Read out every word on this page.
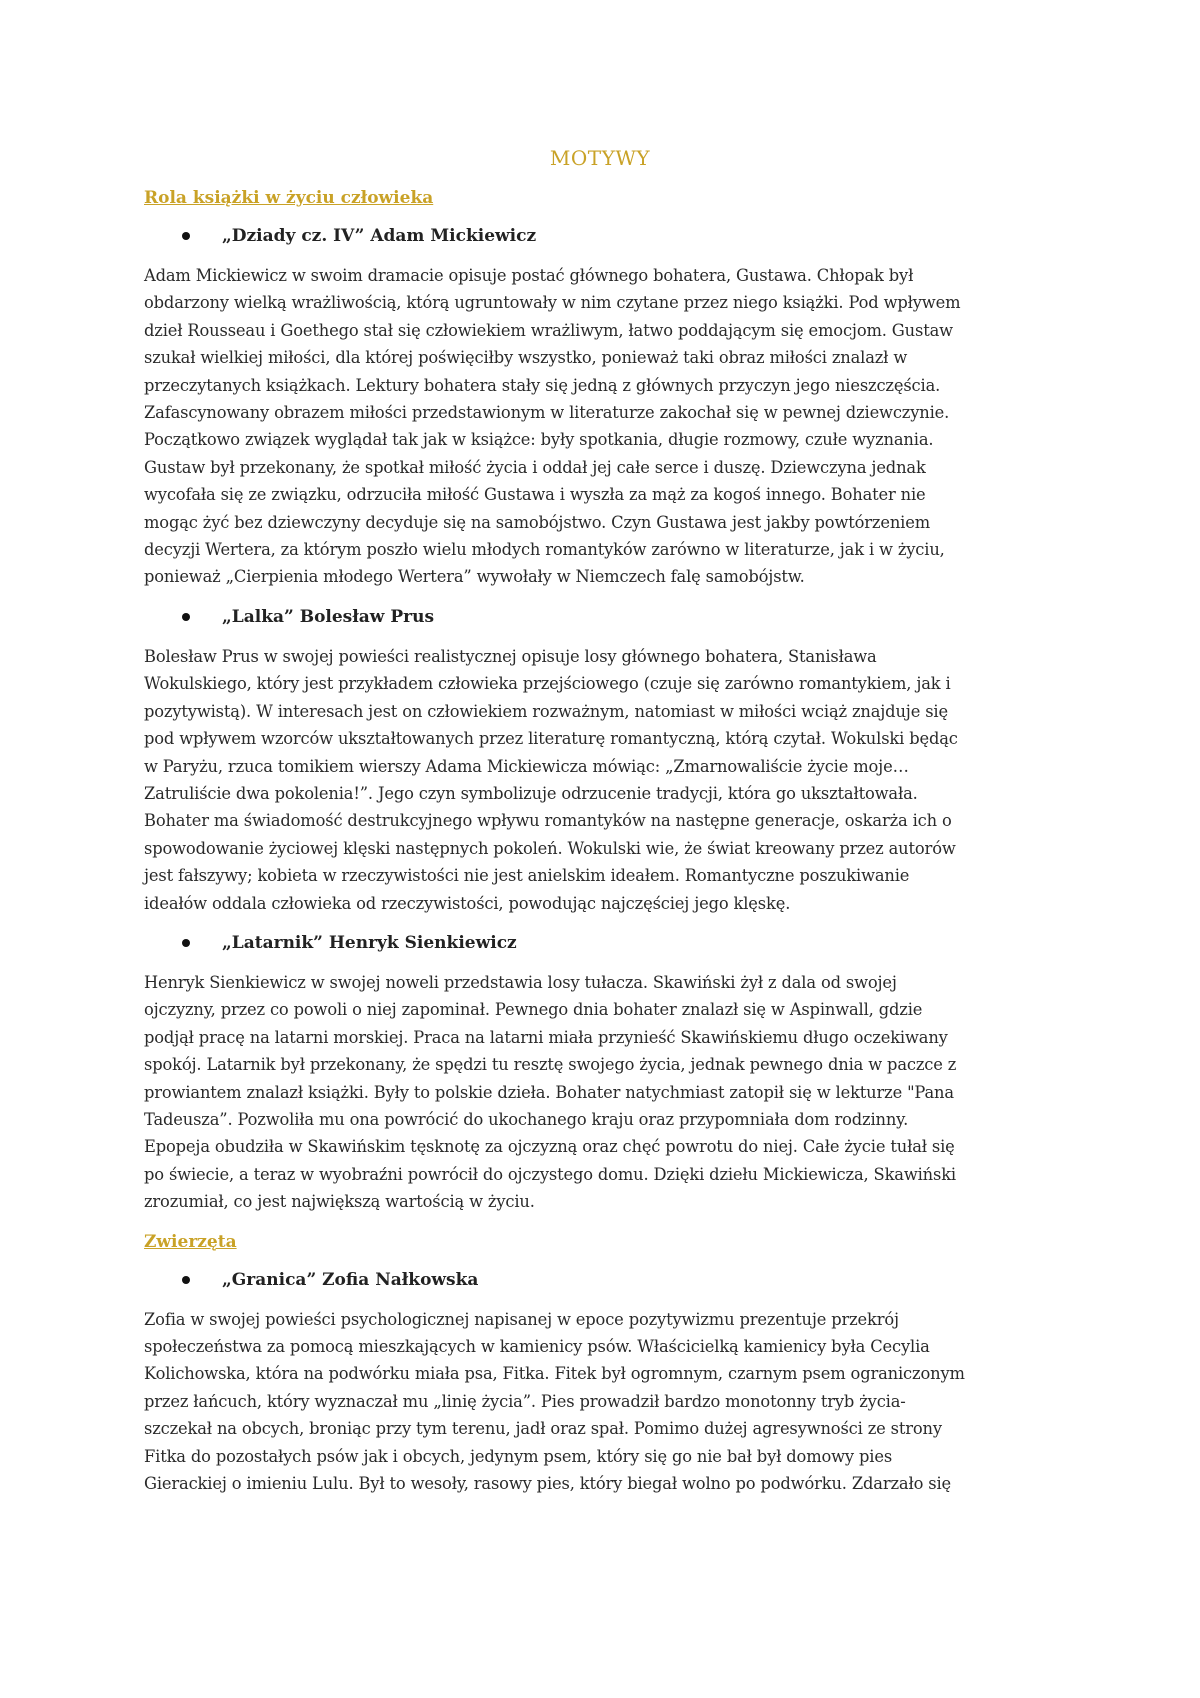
MOTYWY
Rola książki w życiu człowieka
„Dziady cz. IV” Adam Mickiewicz
Adam Mickiewicz w swoim dramacie opisuje postać głównego bohatera, Gustawa. Chłopak był
obdarzony wielką wrażliwością, którą ugruntowały w nim czytane przez niego książki. Pod wpływem
dzieł Rousseau i Goethego stał się człowiekiem wrażliwym, łatwo poddającym się emocjom. Gustaw
szukał wielkiej miłości, dla której poświęciłby wszystko, ponieważ taki obraz miłości znalazł w
przeczytanych książkach. Lektury bohatera stały się jedną z głównych przyczyn jego nieszczęścia.
Zafascynowany obrazem miłości przedstawionym w literaturze zakochał się w pewnej dziewczynie.
Początkowo związek wyglądał tak jak w książce: były spotkania, długie rozmowy, czułe wyznania.
Gustaw był przekonany, że spotkał miłość życia i oddał jej całe serce i duszę. Dziewczyna jednak
wycofała się ze związku, odrzuciła miłość Gustawa i wyszła za mąż za kogoś innego. Bohater nie
mogąc żyć bez dziewczyny decyduje się na samobójstwo. Czyn Gustawa jest jakby powtórzeniem
decyzji Wertera, za którym poszło wielu młodych romantyków zarówno w literaturze, jak i w życiu,
ponieważ „Cierpienia młodego Wertera” wywołały w Niemczech falę samobójstw.
„Lalka” Bolesław Prus
Bolesław Prus w swojej powieści realistycznej opisuje losy głównego bohatera, Stanisława
Wokulskiego, który jest przykładem człowieka przejściowego (czuje się zarówno romantykiem, jak i
pozytywistą). W interesach jest on człowiekiem rozważnym, natomiast w miłości wciąż znajduje się
pod wpływem wzorców ukształtowanych przez literaturę romantyczną, którą czytał. Wokulski będąc
w Paryżu, rzuca tomikiem wierszy Adama Mickiewicza mówiąc: „Zmarnowaliście życie moje…
Zatruliście dwa pokolenia!”. Jego czyn symbolizuje odrzucenie tradycji, która go ukształtowała.
Bohater ma świadomość destrukcyjnego wpływu romantyków na następne generacje, oskarża ich o
spowodowanie życiowej klęski następnych pokoleń. Wokulski wie, że świat kreowany przez autorów
jest fałszywy; kobieta w rzeczywistości nie jest anielskim ideałem. Romantyczne poszukiwanie
ideałów oddala człowieka od rzeczywistości, powodując najczęściej jego klęskę.
„Latarnik” Henryk Sienkiewicz
Henryk Sienkiewicz w swojej noweli przedstawia losy tułacza. Skawiński żył z dala od swojej
ojczyzny, przez co powoli o niej zapominał. Pewnego dnia bohater znalazł się w Aspinwall, gdzie
podjął pracę na latarni morskiej. Praca na latarni miała przynieść Skawińskiemu długo oczekiwany
spokój. Latarnik był przekonany, że spędzi tu resztę swojego życia, jednak pewnego dnia w paczce z
prowiantem znalazł książki. Były to polskie dzieła. Bohater natychmiast zatopił się w lekturze "Pana
Tadeusza”. Pozwoliła mu ona powrócić do ukochanego kraju oraz przypomniała dom rodzinny.
Epopeja obudziła w Skawińskim tęsknotę za ojczyzną oraz chęć powrotu do niej. Całe życie tułał się
po świecie, a teraz w wyobraźni powrócił do ojczystego domu. Dzięki dziełu Mickiewicza, Skawiński
zrozumiał, co jest największą wartością w życiu.
Zwierzęta
„Granica” Zofia Nałkowska
Zofia w swojej powieści psychologicznej napisanej w epoce pozytywizmu prezentuje przekrój
społeczeństwa za pomocą mieszkających w kamienicy psów. Właścicielką kamienicy była Cecylia
Kolichowska, która na podwórku miała psa, Fitka. Fitek był ogromnym, czarnym psem ograniczonym
przez łańcuch, który wyznaczał mu „linię życia”. Pies prowadził bardzo monotonny tryb życia-
szczekał na obcych, broniąc przy tym terenu, jadł oraz spał. Pomimo dużej agresywności ze strony
Fitka do pozostałych psów jak i obcych, jedynym psem, który się go nie bał był domowy pies
Gierackiej o imieniu Lulu. Był to wesoły, rasowy pies, który biegał wolno po podwórku. Zdarzało się
